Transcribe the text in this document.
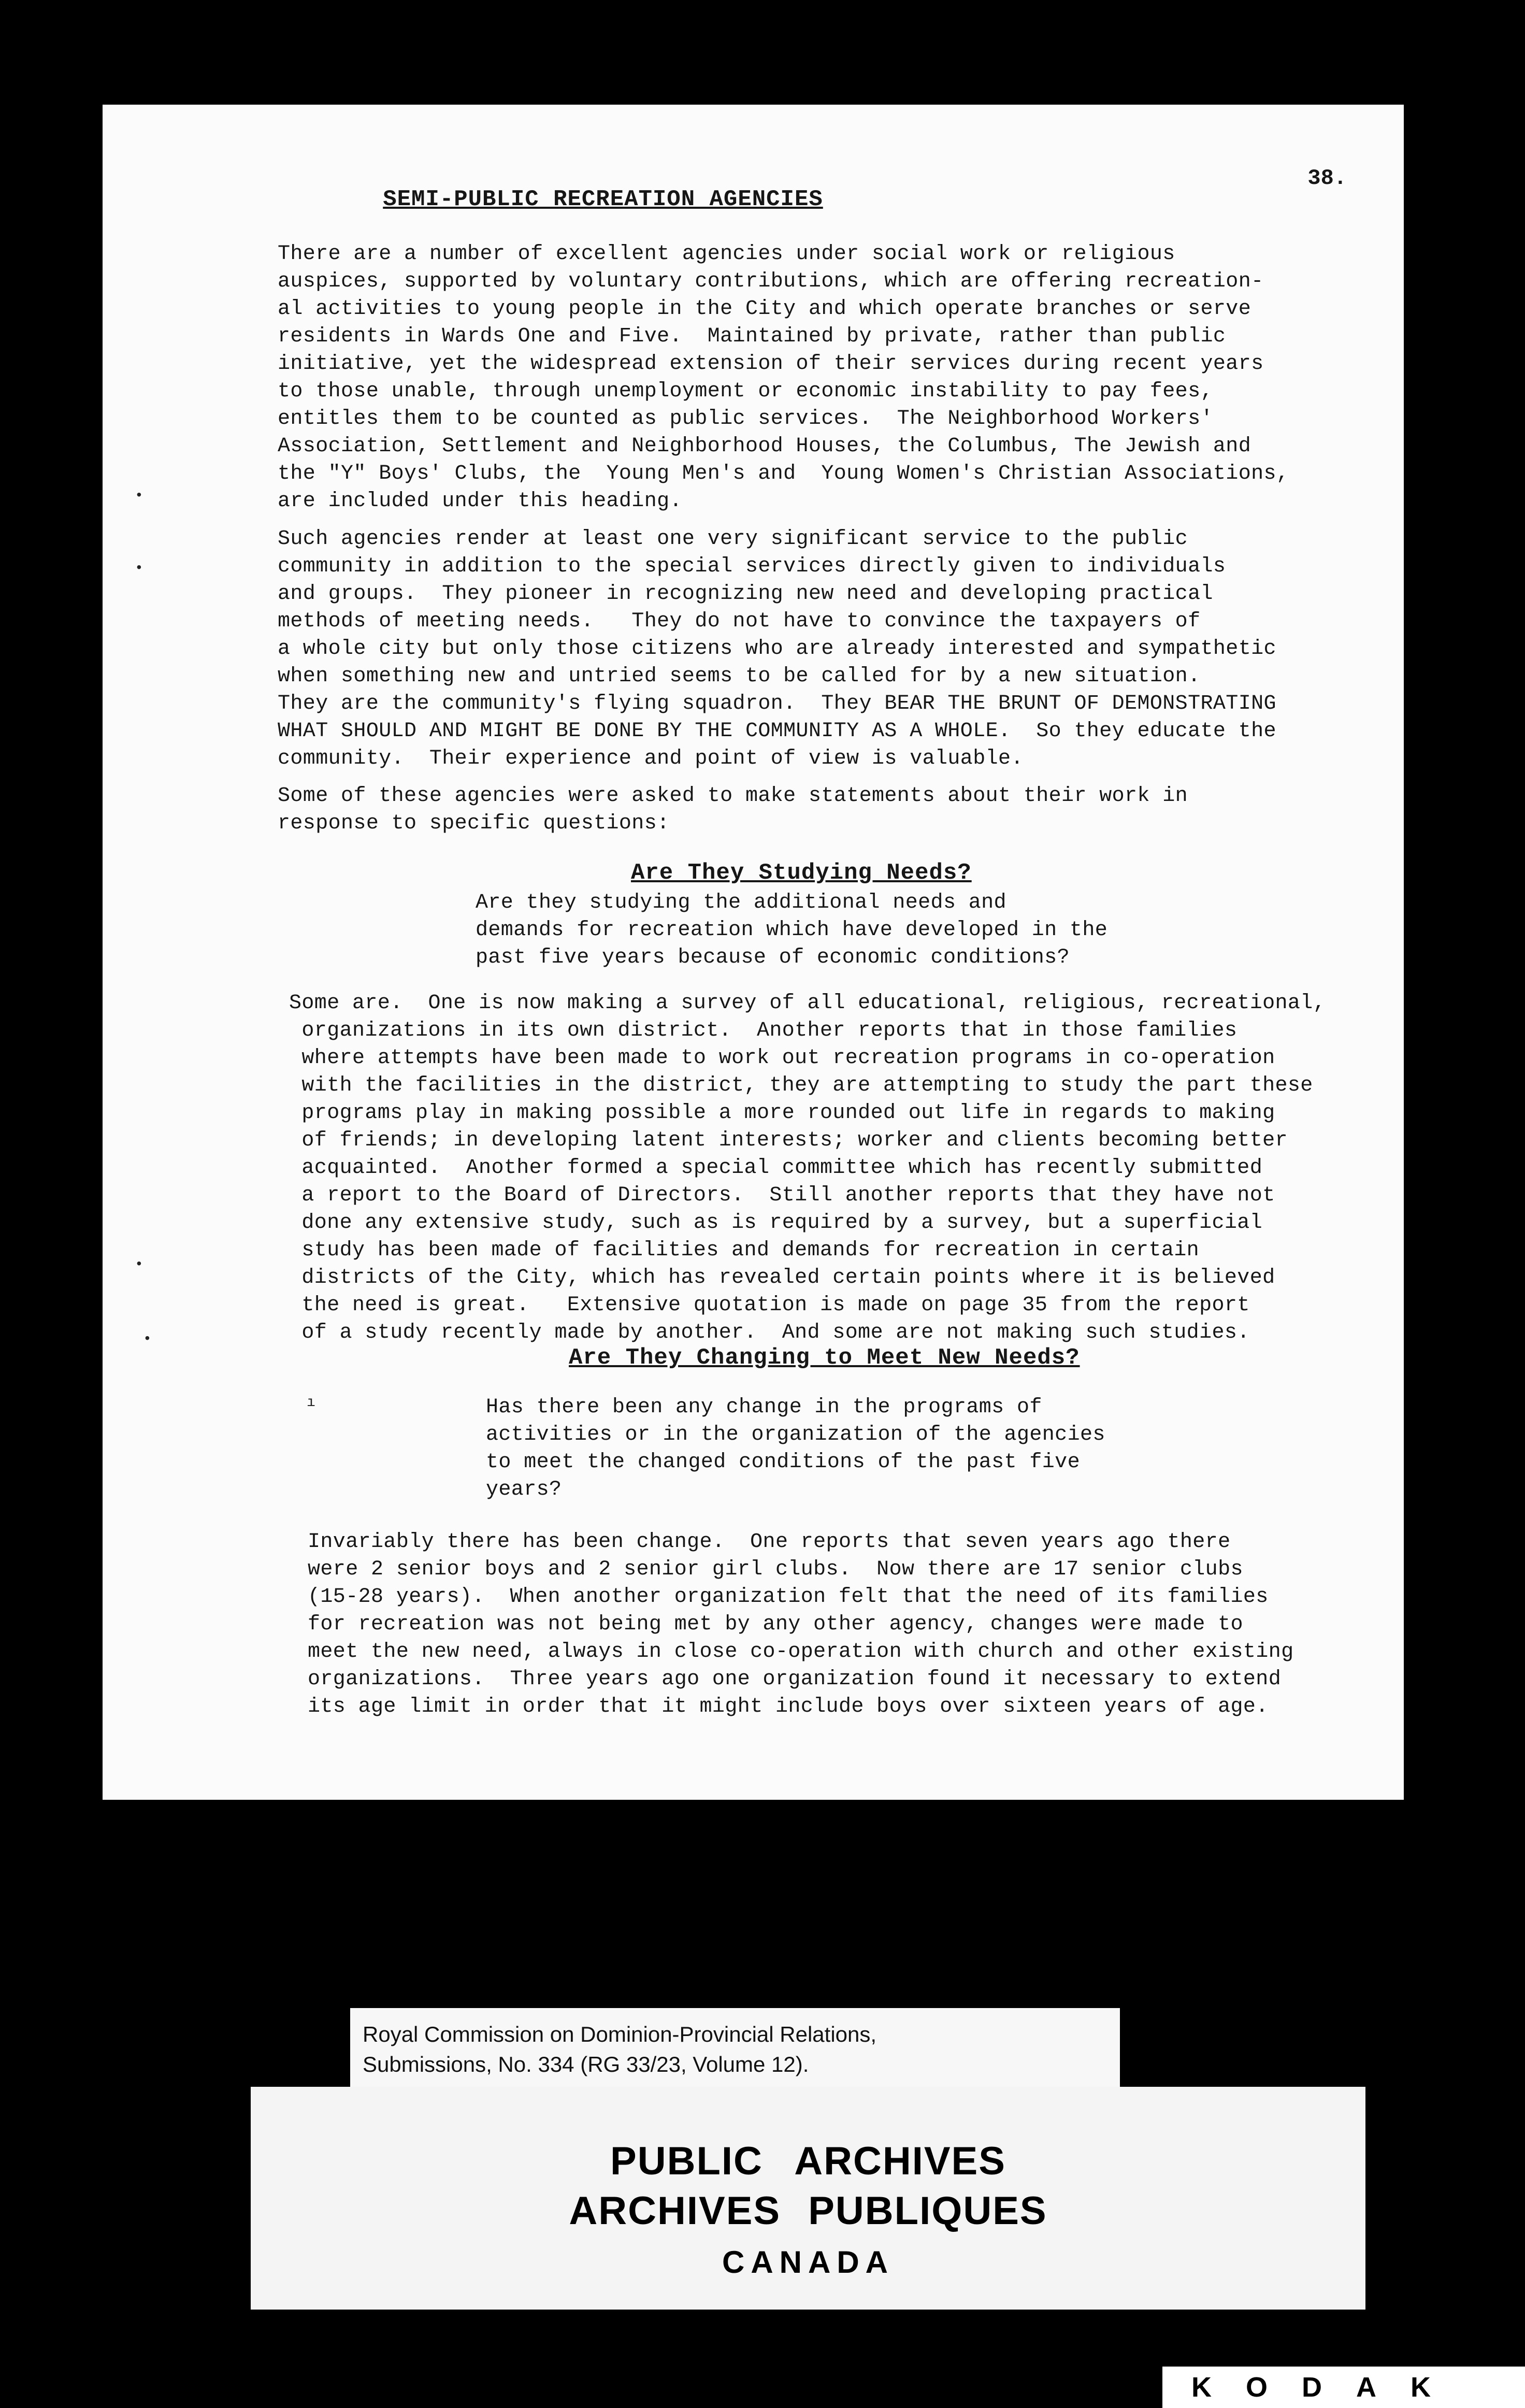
38.
SEMI-PUBLIC RECREATION AGENCIES
There are a number of excellent agencies under social work or religious
auspices, supported by voluntary contributions, which are offering recreation-
al activities to young people in the City and which operate branches or serve
residents in Wards One and Five.  Maintained by private, rather than public
initiative, yet the widespread extension of their services during recent years
to those unable, through unemployment or economic instability to pay fees,
entitles them to be counted as public services.  The Neighborhood Workers'
Association, Settlement and Neighborhood Houses, the Columbus, The Jewish and
the "Y" Boys' Clubs, the  Young Men's and  Young Women's Christian Associations,
are included under this heading.
Such agencies render at least one very significant service to the public
community in addition to the special services directly given to individuals
and groups.  They pioneer in recognizing new need and developing practical
methods of meeting needs.   They do not have to convince the taxpayers of
a whole city but only those citizens who are already interested and sympathetic
when something new and untried seems to be called for by a new situation.
They are the community's flying squadron.  They BEAR THE BRUNT OF DEMONSTRATING
WHAT SHOULD AND MIGHT BE DONE BY THE COMMUNITY AS A WHOLE.  So they educate the
community.  Their experience and point of view is valuable.
Some of these agencies were asked to make statements about their work in
response to specific questions:
Are They Studying Needs?
Are they studying the additional needs and
demands for recreation which have developed in the
past five years because of economic conditions?
Some are.  One is now making a survey of all educational, religious, recreational,
organizations in its own district.  Another reports that in those families
where attempts have been made to work out recreation programs in co-operation
with the facilities in the district, they are attempting to study the part these
programs play in making possible a more rounded out life in regards to making
of friends; in developing latent interests; worker and clients becoming better
acquainted.  Another formed a special committee which has recently submitted
a report to the Board of Directors.  Still another reports that they have not
done any extensive study, such as is required by a survey, but a superficial
study has been made of facilities and demands for recreation in certain
districts of the City, which has revealed certain points where it is believed
the need is great.   Extensive quotation is made on page 35 from the report
of a study recently made by another.  And some are not making such studies.
Are They Changing to Meet New Needs?
Has there been any change in the programs of
activities or in the organization of the agencies
to meet the changed conditions of the past five
years?
Invariably there has been change.  One reports that seven years ago there
were 2 senior boys and 2 senior girl clubs.  Now there are 17 senior clubs
(15-28 years).  When another organization felt that the need of its families
for recreation was not being met by any other agency, changes were made to
meet the new need, always in close co-operation with church and other existing
organizations.  Three years ago one organization found it necessary to extend
its age limit in order that it might include boys over sixteen years of age.
•
•
•
•
ı
Royal Commission on Dominion-Provincial Relations,
Submissions, No. 334 (RG 33/23, Volume 12).
PUBLIC ARCHIVES
ARCHIVES PUBLIQUES
CANADA
KODAK
